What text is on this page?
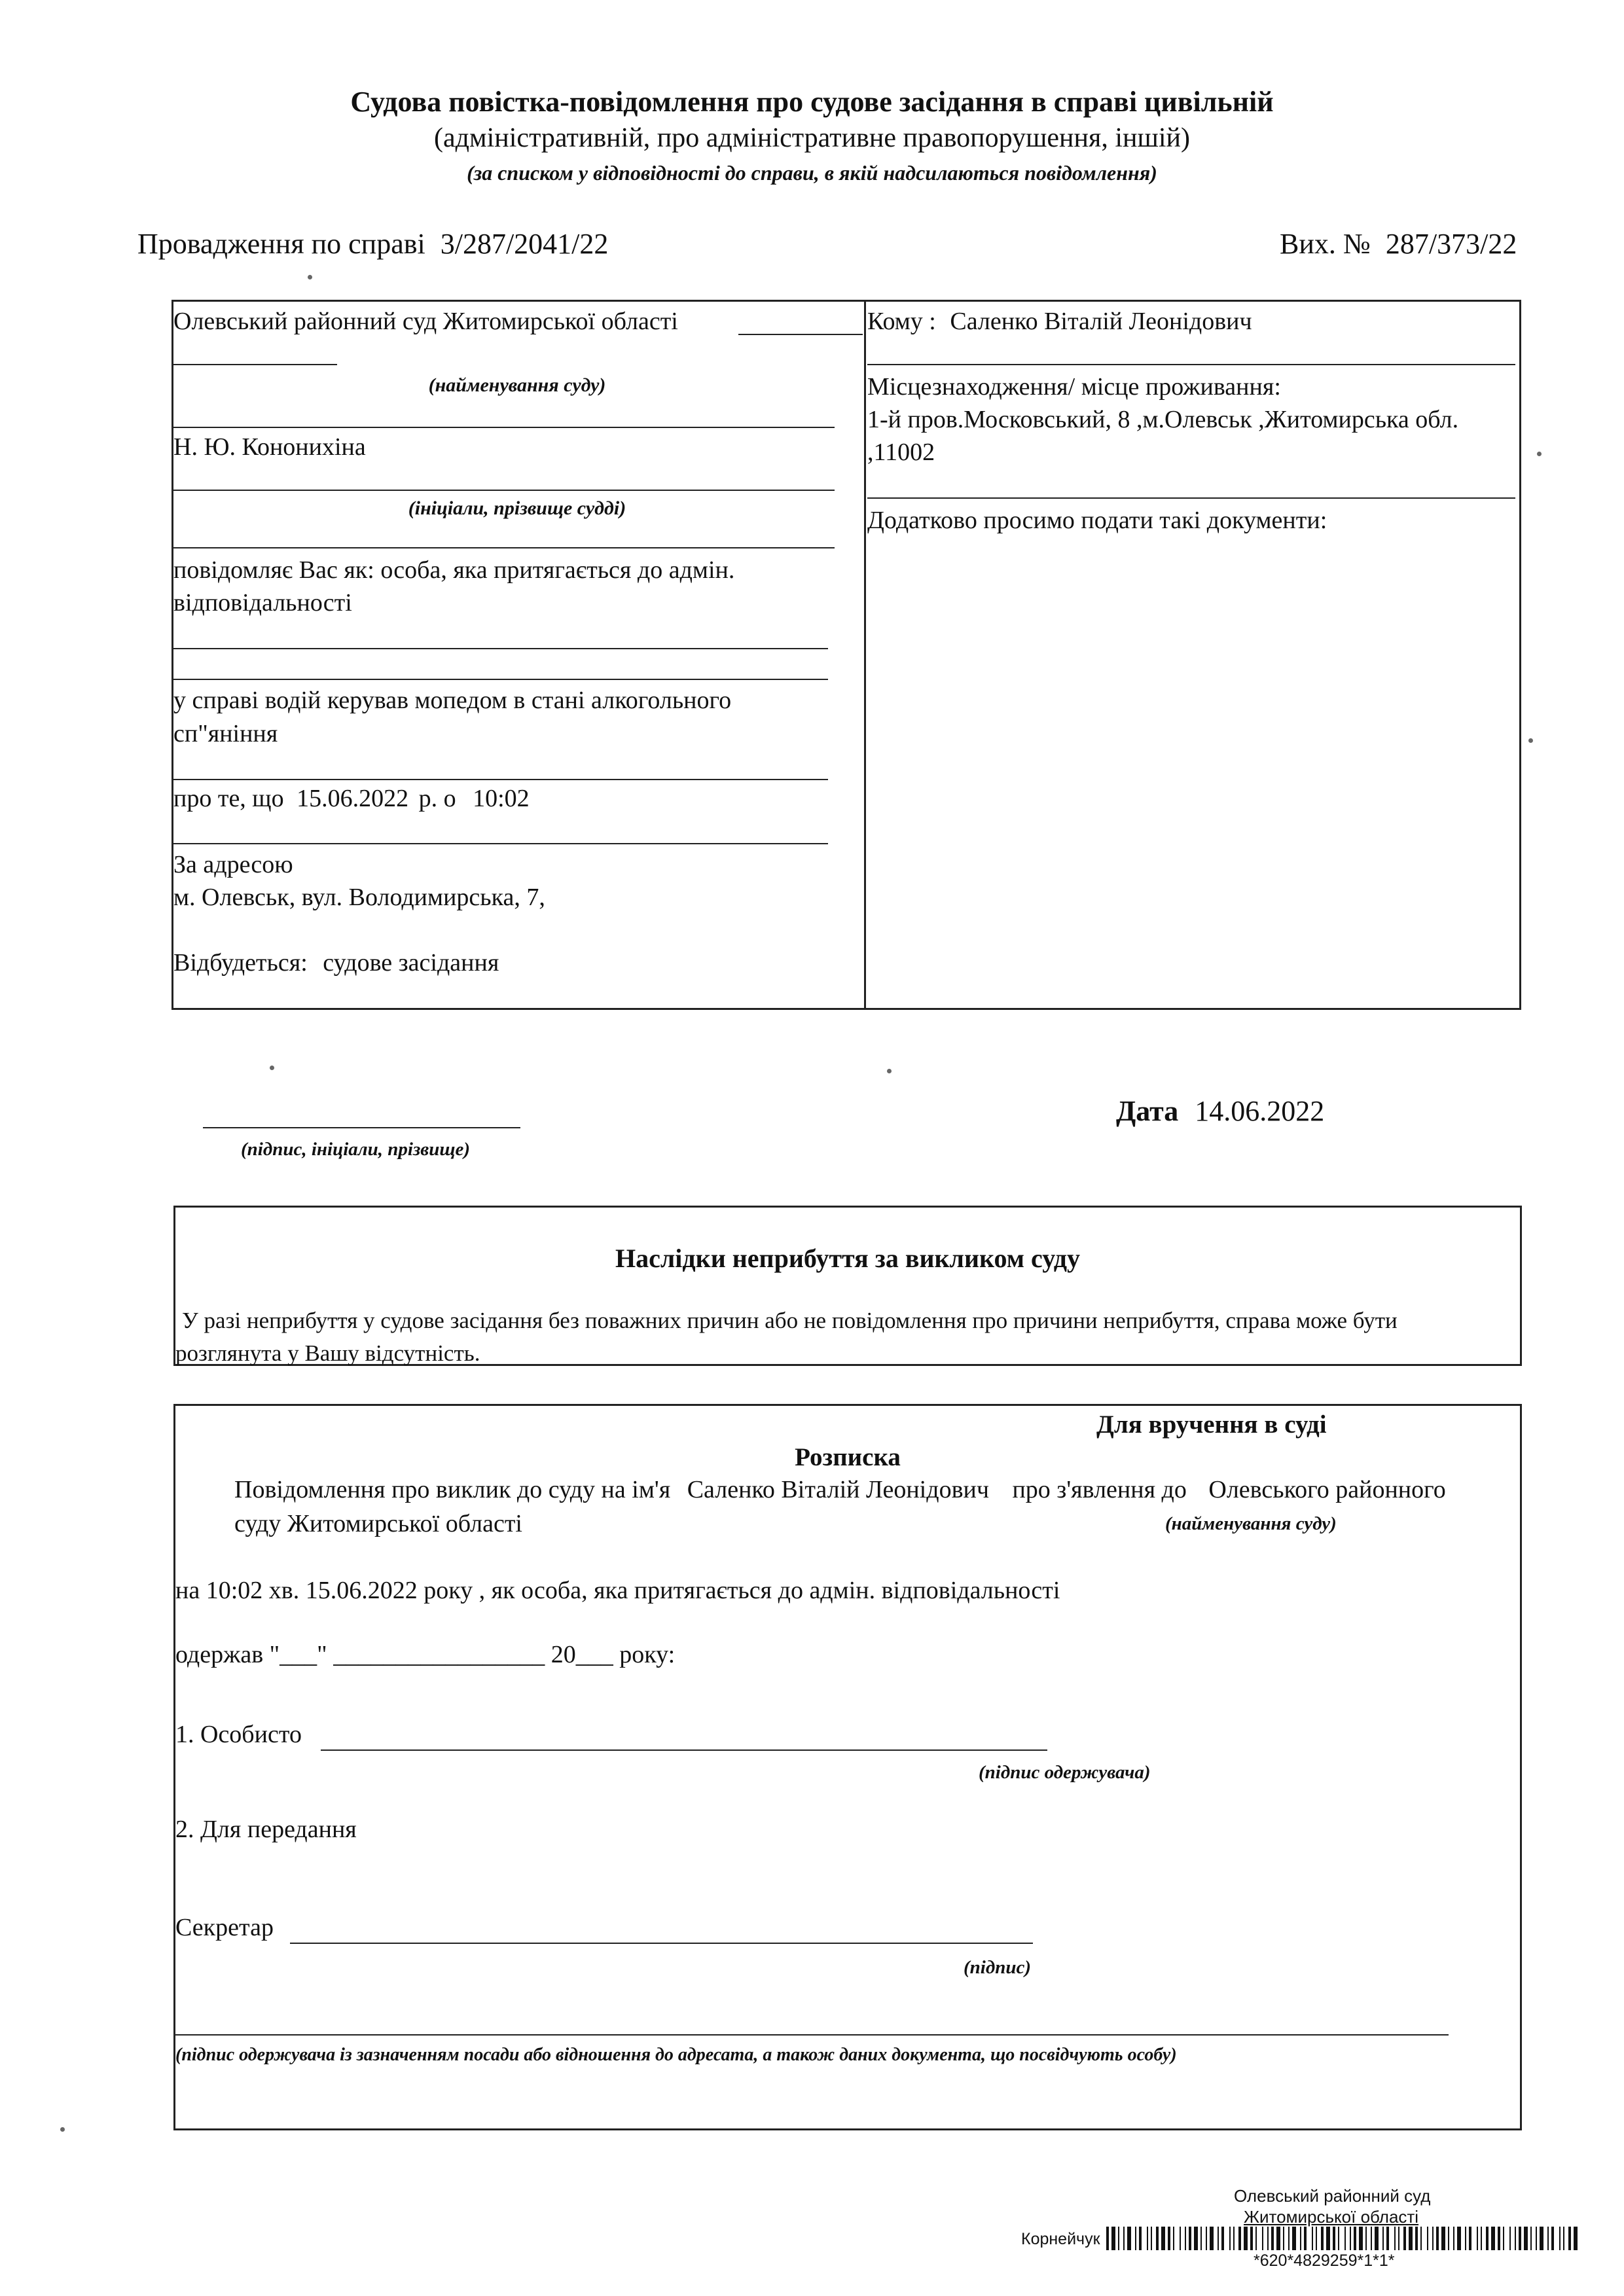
Судова повістка-повідомлення про судове засідання в справі цивільній
(адміністративній, про адміністративне правопорушення, іншій)
(за списком у відповідності до справи, в якій надсилаються повідомлення)
Провадження по справі 3/287/2041/22	Вих. № 287/373/22
Олевський районний суд Житомирської області
(найменування суду)
Н. Ю. Кононихіна
(ініціали, прізвище судді)
повідомляє Вас як: особа, яка притягається до адмін.
відповідальності
у справі водій керував мопедом в стані алкогольного
сп"яніння
про те, що 15.06.2022 р. о 10:02
За адресою
м. Олевськ, вул. Володимирська, 7,
Відбудеться: судове засідання
Кому : Саленко Віталій Леонідович
Місцезнаходження/ місце проживання:
1-й пров.Московський, 8 ,м.Олевськ ,Житомирська обл.
,11002
Додатково просимо подати такі документи:
(підпис, ініціали, прізвище)
Дата 14.06.2022
Наслідки неприбуття за викликом суду
У разі неприбуття у судове засідання без поважних причин або не повідомлення про причини неприбуття, справа може бути
розглянута у Вашу відсутність.
Для вручення в суді
Розписка
Повідомлення про виклик до суду на ім'я Саленко Віталій Леонідович про з'явлення до Олевського районного
суду Житомирської області	(найменування суду)
на 10:02 хв. 15.06.2022 року , як особа, яка притягається до адмін. відповідальності
одержав "___" _________________ 20___ року:
1. Особисто
(підпис одержувача)
2. Для передання
Секретар
(підпис)
(підпис одержувача із зазначенням посади або відношення до адресата, а також даних документа, що посвідчують особу)
Олевський районний суд
Житомирської області
Корнейчук
*620*4829259*1*1*
